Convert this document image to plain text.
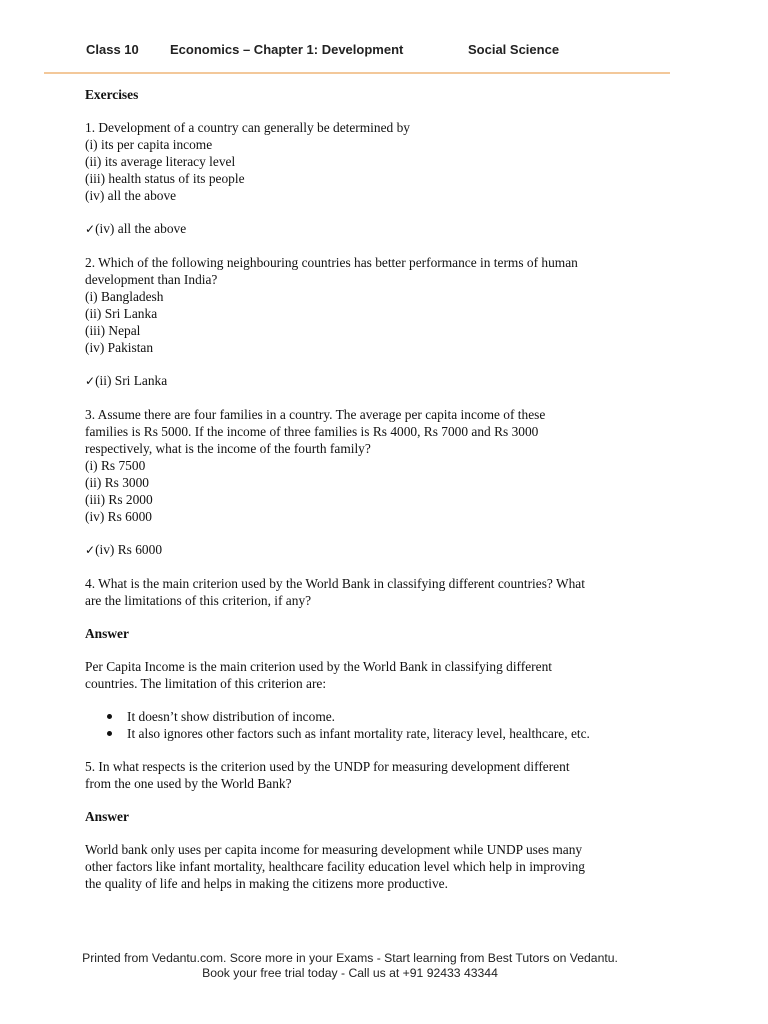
Class 10 Economics – Chapter 1: Development	Social Science

Exercises

1. Development of a country can generally be determined by

(i) its per capita income

(ii) its average literacy level

(iii) health status of its people

(iv) all the above

✓(iv) all the above

2. Which of the following neighbouring countries has better performance in terms of human

development than India?

(i) Bangladesh

(ii) Sri Lanka

(iii) Nepal

(iv) Pakistan

✓(ii) Sri Lanka

3. Assume there are four families in a country. The average per capita income of these

families is Rs 5000. If the income of three families is Rs 4000, Rs 7000 and Rs 3000

respectively, what is the income of the fourth family?

(i) Rs 7500

(ii) Rs 3000

(iii) Rs 2000

(iv) Rs 6000

✓(iv) Rs 6000

4. What is the main criterion used by the World Bank in classifying different countries? What

are the limitations of this criterion, if any?

Answer

Per Capita Income is the main criterion used by the World Bank in classifying different

countries. The limitation of this criterion are:

It doesn’t show distribution of income.
It also ignores other factors such as infant mortality rate, literacy level, healthcare, etc.

5. In what respects is the criterion used by the UNDP for measuring development different

from the one used by the World Bank?

Answer

World bank only uses per capita income for measuring development while UNDP uses many

other factors like infant mortality, healthcare facility education level which help in improving

the quality of life and helps in making the citizens more productive.

Printed from Vedantu.com. Score more in your Exams - Start learning from Best Tutors on Vedantu.
Book your free trial today - Call us at +91 92433 43344
